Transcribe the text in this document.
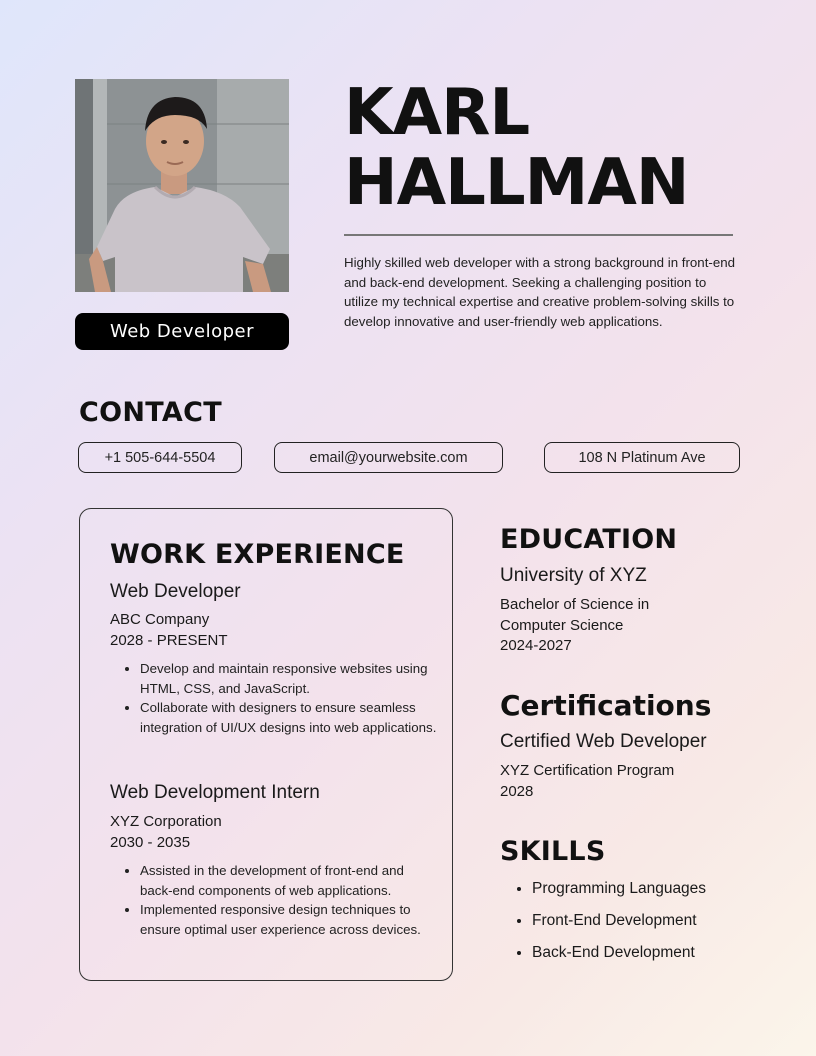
Web Developer
KARL
HALLMAN
Highly skilled web developer with a strong background in front-end and back-end development. Seeking a challenging position to utilize my technical expertise and creative problem-solving skills to develop innovative and user-friendly web applications.
CONTACT
+1 505-644-5504	email@yourwebsite.com	108 N Platinum Ave
WORK EXPERIENCE
Web Developer
ABC Company
2028 - PRESENT
• Develop and maintain responsive websites using HTML, CSS, and JavaScript.
• Collaborate with designers to ensure seamless integration of UI/UX designs into web applications.
Web Development Intern
XYZ Corporation
2030 - 2035
• Assisted in the development of front-end and back-end components of web applications.
• Implemented responsive design techniques to ensure optimal user experience across devices.
EDUCATION
University of XYZ
Bachelor of Science in
Computer Science
2024-2027
Certifications
Certified Web Developer
XYZ Certification Program
2028
SKILLS
• Programming Languages
• Front-End Development
• Back-End Development
